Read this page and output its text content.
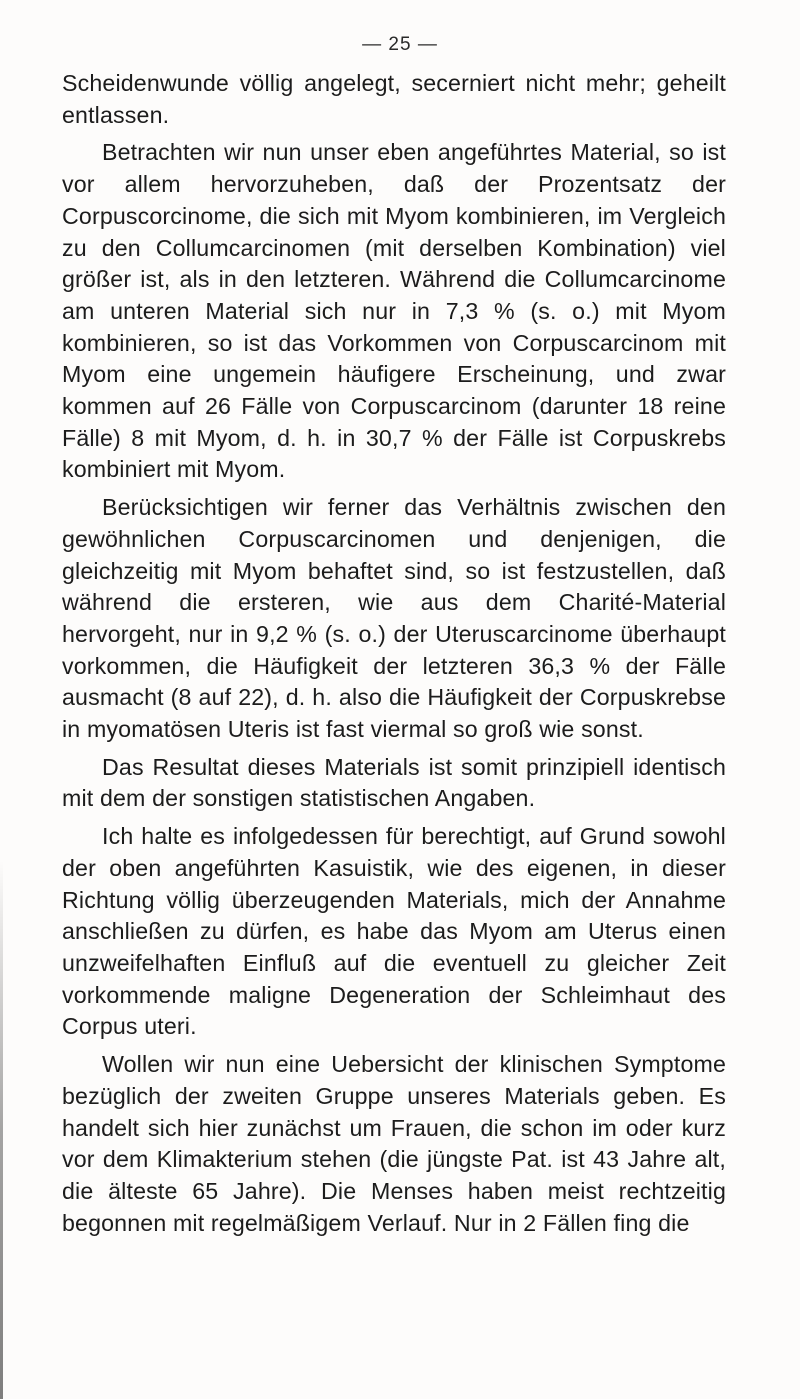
— 25 —

Scheidenwunde völlig angelegt, secerniert nicht mehr; geheilt entlassen.

Betrachten wir nun unser eben angeführtes Material, so ist vor allem hervorzuheben, daß der Prozentsatz der Corpuscorcinome, die sich mit Myom kombinieren, im Vergleich zu den Collumcarcinomen (mit derselben Kombination) viel größer ist, als in den letzteren. Während die Collumcarcinome am unteren Material sich nur in 7,3 % (s. o.) mit Myom kombinieren, so ist das Vorkommen von Corpuscarcinom mit Myom eine ungemein häufigere Erscheinung, und zwar kommen auf 26 Fälle von Corpuscarcinom (darunter 18 reine Fälle) 8 mit Myom, d. h. in 30,7 % der Fälle ist Corpuskrebs kombiniert mit Myom.

Berücksichtigen wir ferner das Verhältnis zwischen den gewöhnlichen Corpuscarcinomen und denjenigen, die gleichzeitig mit Myom behaftet sind, so ist festzustellen, daß während die ersteren, wie aus dem Charité-Material hervorgeht, nur in 9,2 % (s. o.) der Uteruscarcinome überhaupt vorkommen, die Häufigkeit der letzteren 36,3 % der Fälle ausmacht (8 auf 22), d. h. also die Häufigkeit der Corpuskrebse in myomatösen Uteris ist fast viermal so groß wie sonst.

Das Resultat dieses Materials ist somit prinzipiell identisch mit dem der sonstigen statistischen Angaben.

Ich halte es infolgedessen für berechtigt, auf Grund sowohl der oben angeführten Kasuistik, wie des eigenen, in dieser Richtung völlig überzeugenden Materials, mich der Annahme anschließen zu dürfen, es habe das Myom am Uterus einen unzweifelhaften Einfluß auf die eventuell zu gleicher Zeit vorkommende maligne Degeneration der Schleimhaut des Corpus uteri.

Wollen wir nun eine Uebersicht der klinischen Symptome bezüglich der zweiten Gruppe unseres Materials geben. Es handelt sich hier zunächst um Frauen, die schon im oder kurz vor dem Klimakterium stehen (die jüngste Pat. ist 43 Jahre alt, die älteste 65 Jahre). Die Menses haben meist rechtzeitig begonnen mit regelmäßigem Verlauf. Nur in 2 Fällen fing die
